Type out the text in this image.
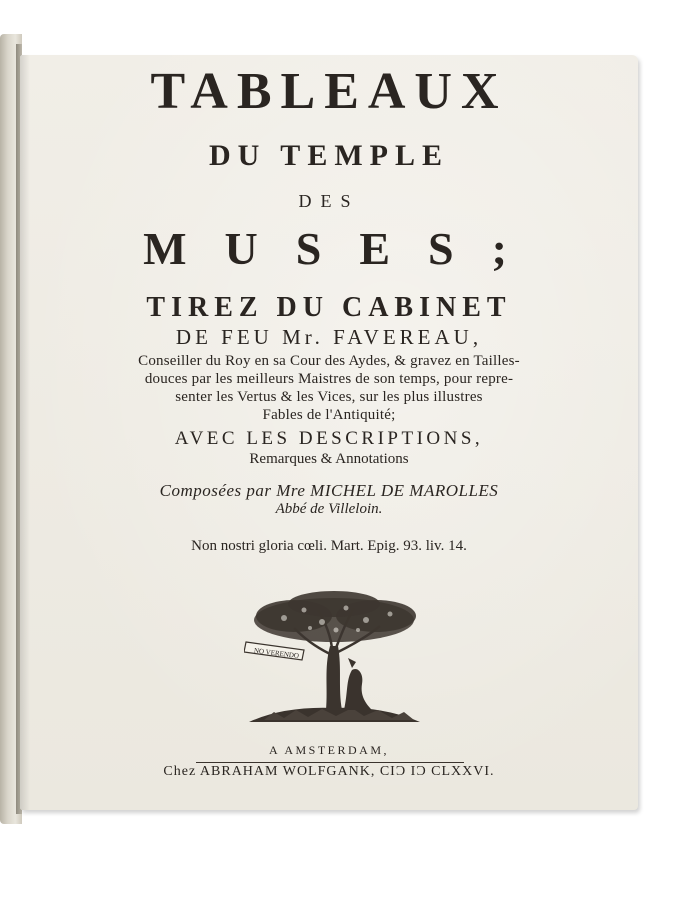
TABLEAUX
DU TEMPLE
DES
MUSES;
TIREZ DU CABINET
DE FEU Mr. FAVEREAU,
Conseiller du Roy en sa Cour des Aydes, & gravez en Tailles-
douces par les meilleurs Maistres de son temps, pour repre-
senter les Vertus & les Vices, sur les plus illustres
Fables de l'Antiquité;
AVEC LES DESCRIPTIONS,
Remarques & Annotations
Composées par Mre MICHEL DE MAROLLES
Abbé de Villeloin.
Non nostri gloria cœli. Mart. Epig. 93. liv. 14.
NO VERENDO
A AMSTERDAM,
Chez ABRAHAM WOLFGANK, CIƆ IƆ CLXXVI.
